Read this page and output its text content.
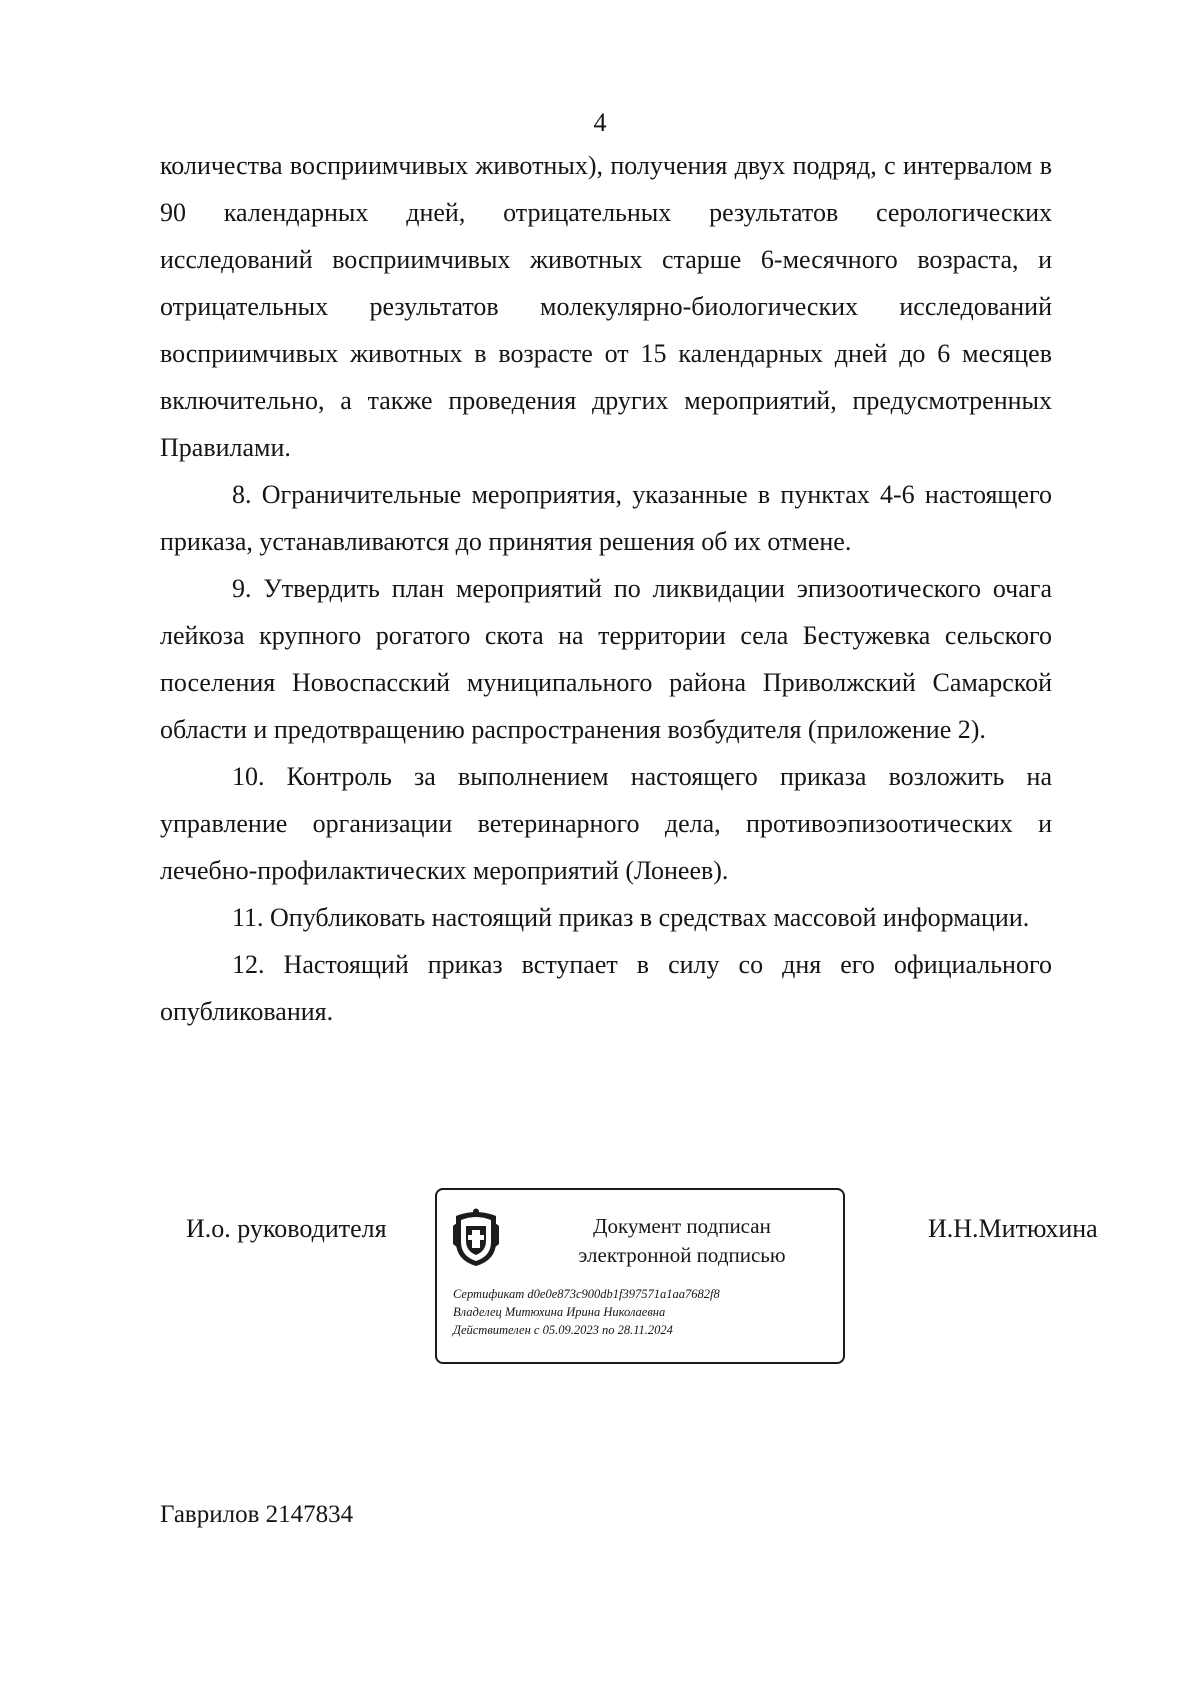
4

количества восприимчивых животных), получения двух подряд, с интервалом в 90 календарных дней, отрицательных результатов серологических исследований восприимчивых животных старше 6-месячного возраста, и отрицательных результатов молекулярно-биологических исследований восприимчивых животных в возрасте от 15 календарных дней до 6 месяцев включительно, а также проведения других мероприятий, предусмотренных Правилами.

8. Ограничительные мероприятия, указанные в пунктах 4-6 настоящего приказа, устанавливаются до принятия решения об их отмене.

9. Утвердить план мероприятий по ликвидации эпизоотического очага лейкоза крупного рогатого скота на территории села Бестужевка сельского поселения Новоспасский муниципального района Приволжский Самарской области и предотвращению распространения возбудителя (приложение 2).

10. Контроль за выполнением настоящего приказа возложить на управление организации ветеринарного дела, противоэпизоотических и лечебно-профилактических мероприятий (Лонеев).

11. Опубликовать настоящий приказ в средствах массовой информации.

12. Настоящий приказ вступает в силу со дня его официального опубликования.

И.о. руководителя	Документ подписан
электронной подписью
Сертификат d0e0e873c900db1f397571a1aa7682f8
Владелец Митюхина Ирина Николаевна
Действителен с 05.09.2023 по 28.11.2024
И.Н.Митюхина
Гаврилов 2147834
